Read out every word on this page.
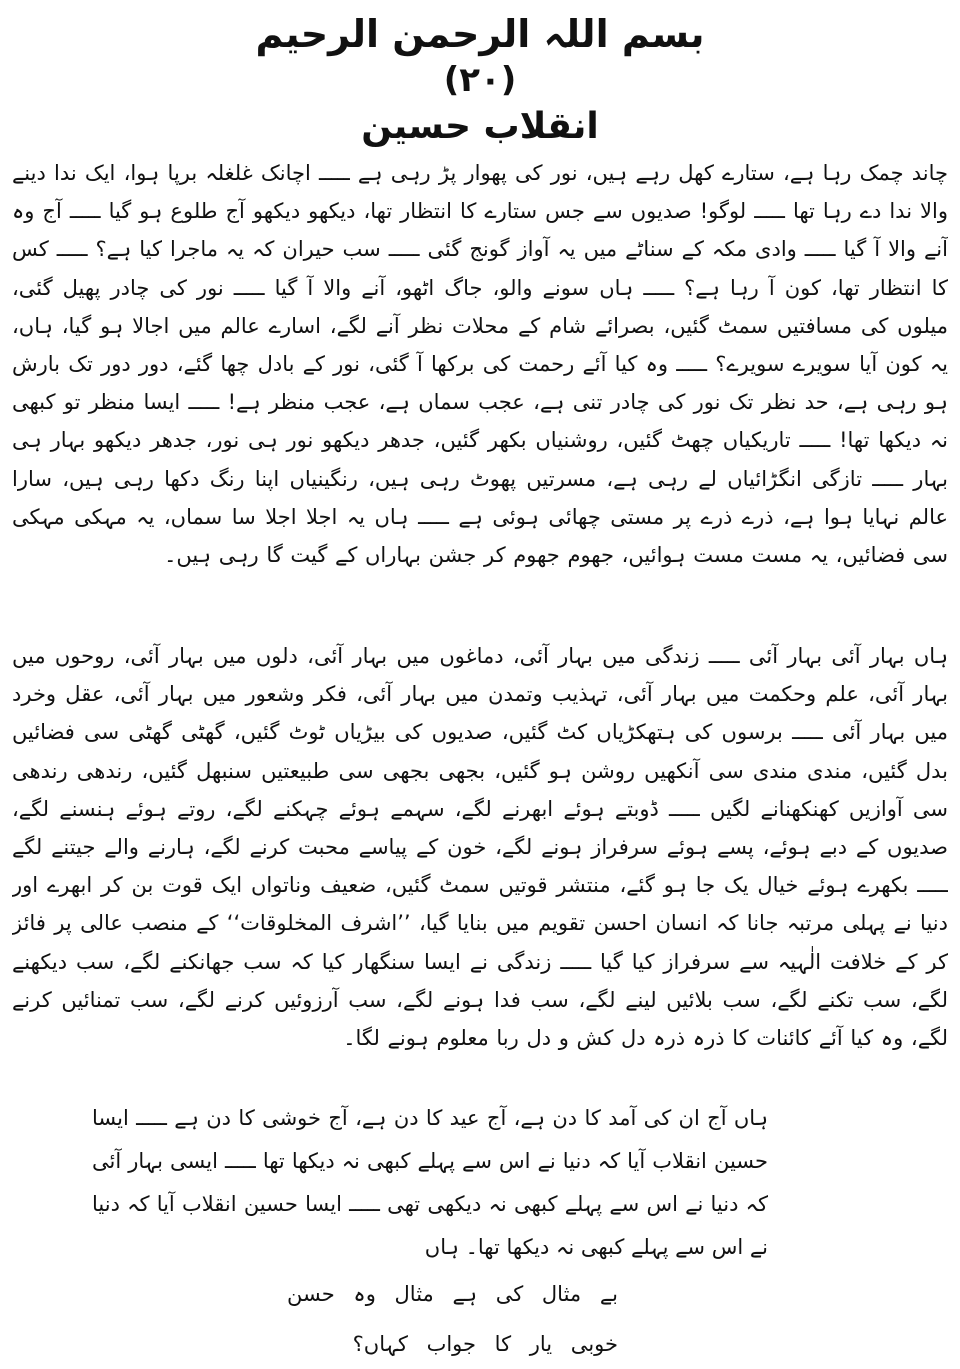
بسم اللہ الرحمن الرحیم
(۲۰)
انقلاب حسین

چاند چمک رہا ہے، ستارے کھل رہے ہیں، نور کی پھوار پڑ رہی ہے ـــــ اچانک غلغلہ برپا ہوا، ایک ندا دینے والا ندا دے رہا تھا ـــــ لوگو! صدیوں سے جس ستارے کا انتظار تھا، دیکھو دیکھو آج طلوع ہو گیا ـــــ آج وہ آنے والا آ گیا ـــــ وادی مکہ کے سناٹے میں یہ آواز گونج گئی ـــــ سب حیران کہ یہ ماجرا کیا ہے؟ ـــــ کس کا انتظار تھا، کون آ رہا ہے؟ ـــــ ہاں سونے والو، جاگ اٹھو، آنے والا آ گیا ـــــ نور کی چادر پھیل گئی، میلوں کی مسافتیں سمٹ گئیں، بصرائے شام کے محلات نظر آنے لگے، اسارے عالم میں اجالا ہو گیا، ہاں، یہ کون آیا سویرے سویرے؟ ـــــ وہ کیا آئے رحمت کی برکھا آ گئی، نور کے بادل چھا گئے، دور دور تک بارش ہو رہی ہے، حد نظر تک نور کی چادر تنی ہے، عجب سماں ہے، عجب منظر ہے! ـــــ ایسا منظر تو کبھی نہ دیکھا تھا! ـــــ تاریکیاں چھٹ گئیں، روشنیاں بکھر گئیں، جدھر دیکھو نور ہی نور، جدھر دیکھو بہار ہی بہار ـــــ تازگی انگڑائیاں لے رہی ہے، مسرتیں پھوٹ رہی ہیں، رنگینیاں اپنا رنگ دکھا رہی ہیں، سارا عالم نہایا ہوا ہے، ذرے ذرے پر مستی چھائی ہوئی ہے ـــــ ہاں یہ اجلا اجلا سا سماں، یہ مہکی مہکی سی فضائیں، یہ مست مست ہوائیں، جھوم جھوم کر جشن بہاراں کے گیت گا رہی ہیں۔

ہاں بہار آئی بہار آئی ـــــ زندگی میں بہار آئی، دماغوں میں بہار آئی، دلوں میں بہار آئی، روحوں میں بہار آئی، علم وحکمت میں بہار آئی، تہذیب وتمدن میں بہار آئی، فکر وشعور میں بہار آئی، عقل وخرد میں بہار آئی ـــــ برسوں کی ہتھکڑیاں کٹ گئیں، صدیوں کی بیڑیاں ٹوٹ گئیں، گھٹی گھٹی سی فضائیں بدل گئیں، مندی مندی سی آنکھیں روشن ہو گئیں، بجھی بجھی سی طبیعتیں سنبھل گئیں، رندھی رندھی سی آوازیں کھنکھنانے لگیں ـــــ ڈوبتے ہوئے ابھرنے لگے، سہمے ہوئے چہکنے لگے، روتے ہوئے ہنسنے لگے، صدیوں کے دبے ہوئے، پسے ہوئے سرفراز ہونے لگے، خون کے پیاسے محبت کرنے لگے، ہارنے والے جیتنے لگے ـــــ بکھرے ہوئے خیال یک جا ہو گئے، منتشر قوتیں سمٹ گئیں، ضعیف وناتواں ایک قوت بن کر ابھرے اور دنیا نے پہلی مرتبہ جانا کہ انسان احسن تقویم میں بنایا گیا، ’’اشرف المخلوقات‘‘ کے منصب عالی پر فائز کر کے خلافت الٰہیہ سے سرفراز کیا گیا ـــــ زندگی نے ایسا سنگھار کیا کہ سب جھانکنے لگے، سب دیکھنے لگے، سب تکنے لگے، سب بلائیں لینے لگے، سب فدا ہونے لگے، سب آرزوئیں کرنے لگے، سب تمنائیں کرنے لگے، وہ کیا آئے کائنات کا ذرہ ذرہ دل کش و دل ربا معلوم ہونے لگا۔

ہاں آج ان کی آمد کا دن ہے، آج عید کا دن ہے، آج خوشی کا دن ہے ـــــ ایسا حسین انقلاب آیا کہ دنیا نے اس سے پہلے کبھی نہ دیکھا تھا ـــــ ایسی بہار آئی کہ دنیا نے اس سے پہلے کبھی نہ دیکھی تھی ـــــ ایسا حسین انقلاب آیا کہ دنیا نے اس سے پہلے کبھی نہ دیکھا تھا۔ ہاں

بے مثال کی ہے مثال وہ حسن
خوبی یار کا جواب کہاں؟
